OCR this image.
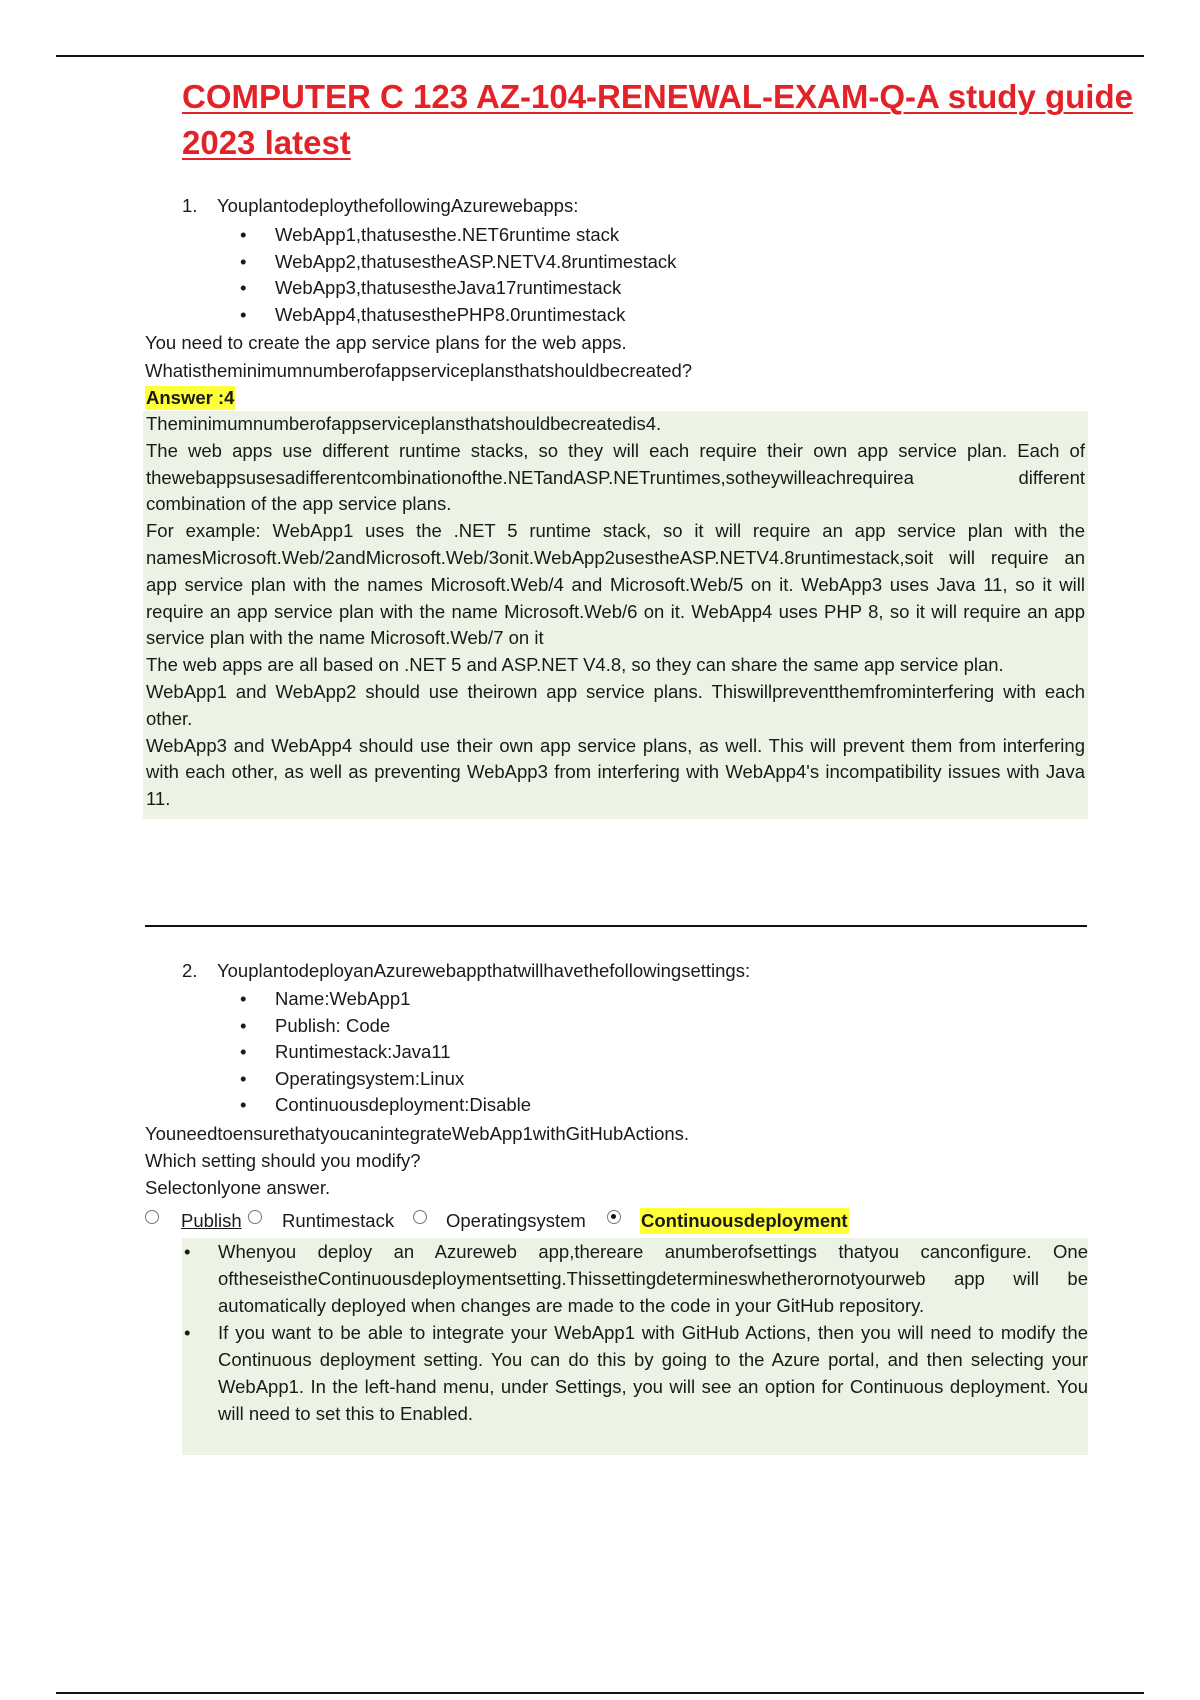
COMPUTER C 123 AZ-104-RENEWAL-EXAM-Q-A study guide 2023 latest
1. YouplantodeploythefollowingAzurewebapps:
• WebApp1,thatusesthe.NET6runtime stack
• WebApp2,thatusestheASP.NETV4.8runtimestack
• WebApp3,thatusestheJava17runtimestack
• WebApp4,thatusesthePHP8.0runtimestack
You need to create the app service plans for the web apps.
Whatistheminimumnumberofappserviceplansthatshouldbecreated?
Answer :4

Theminimumnumberofappserviceplansthatshouldbecreatedis4.

The web apps use different runtime stacks, so they will each require their own app service plan. Each of thewebappsusesadifferentcombinationofthe.NETandASP.NETruntimes,sotheywilleachrequirea different combination of the app service plans.

For example: WebApp1 uses the .NET 5 runtime stack, so it will require an app service plan with the namesMicrosoft.Web/2andMicrosoft.Web/3onit.WebApp2usestheASP.NETV4.8runtimestack,soit will require an app service plan with the names Microsoft.Web/4 and Microsoft.Web/5 on it. WebApp3 uses Java 11, so it will require an app service plan with the name Microsoft.Web/6 on it. WebApp4 uses PHP 8, so it will require an app service plan with the name Microsoft.Web/7 on it

The web apps are all based on .NET 5 and ASP.NET V4.8, so they can share the same app service plan.

WebApp1 and WebApp2 should use theirown app service plans. Thiswillpreventthemfrominterfering with each other.

WebApp3 and WebApp4 should use their own app service plans, as well. This will prevent them from interfering with each other, as well as preventing WebApp3 from interfering with WebApp4's incompatibility issues with Java 11.

2. YouplantodeployanAzurewebappthatwillhavethefollowingsettings:
• Name:WebApp1
• Publish: Code
• Runtimestack:Java11
• Operatingsystem:Linux
• Continuousdeployment:Disable
YouneedtoensurethatyoucanintegrateWebApp1withGitHubActions.
Which setting should you modify?
Selectonlyone answer.
Publish Runtimestack	Operatingsystem	Continuousdeployment
• Whenyou deploy an Azureweb app,thereare anumberofsettings thatyou canconfigure. One oftheseistheContinuousdeploymentsetting.Thissettingdetermineswhetherornotyourweb app will be automatically deployed when changes are made to the code in your GitHub repository.
• If you want to be able to integrate your WebApp1 with GitHub Actions, then you will need to modify the Continuous deployment setting. You can do this by going to the Azure portal, and then selecting your WebApp1. In the left-hand menu, under Settings, you will see an option for Continuous deployment. You will need to set this to Enabled.
